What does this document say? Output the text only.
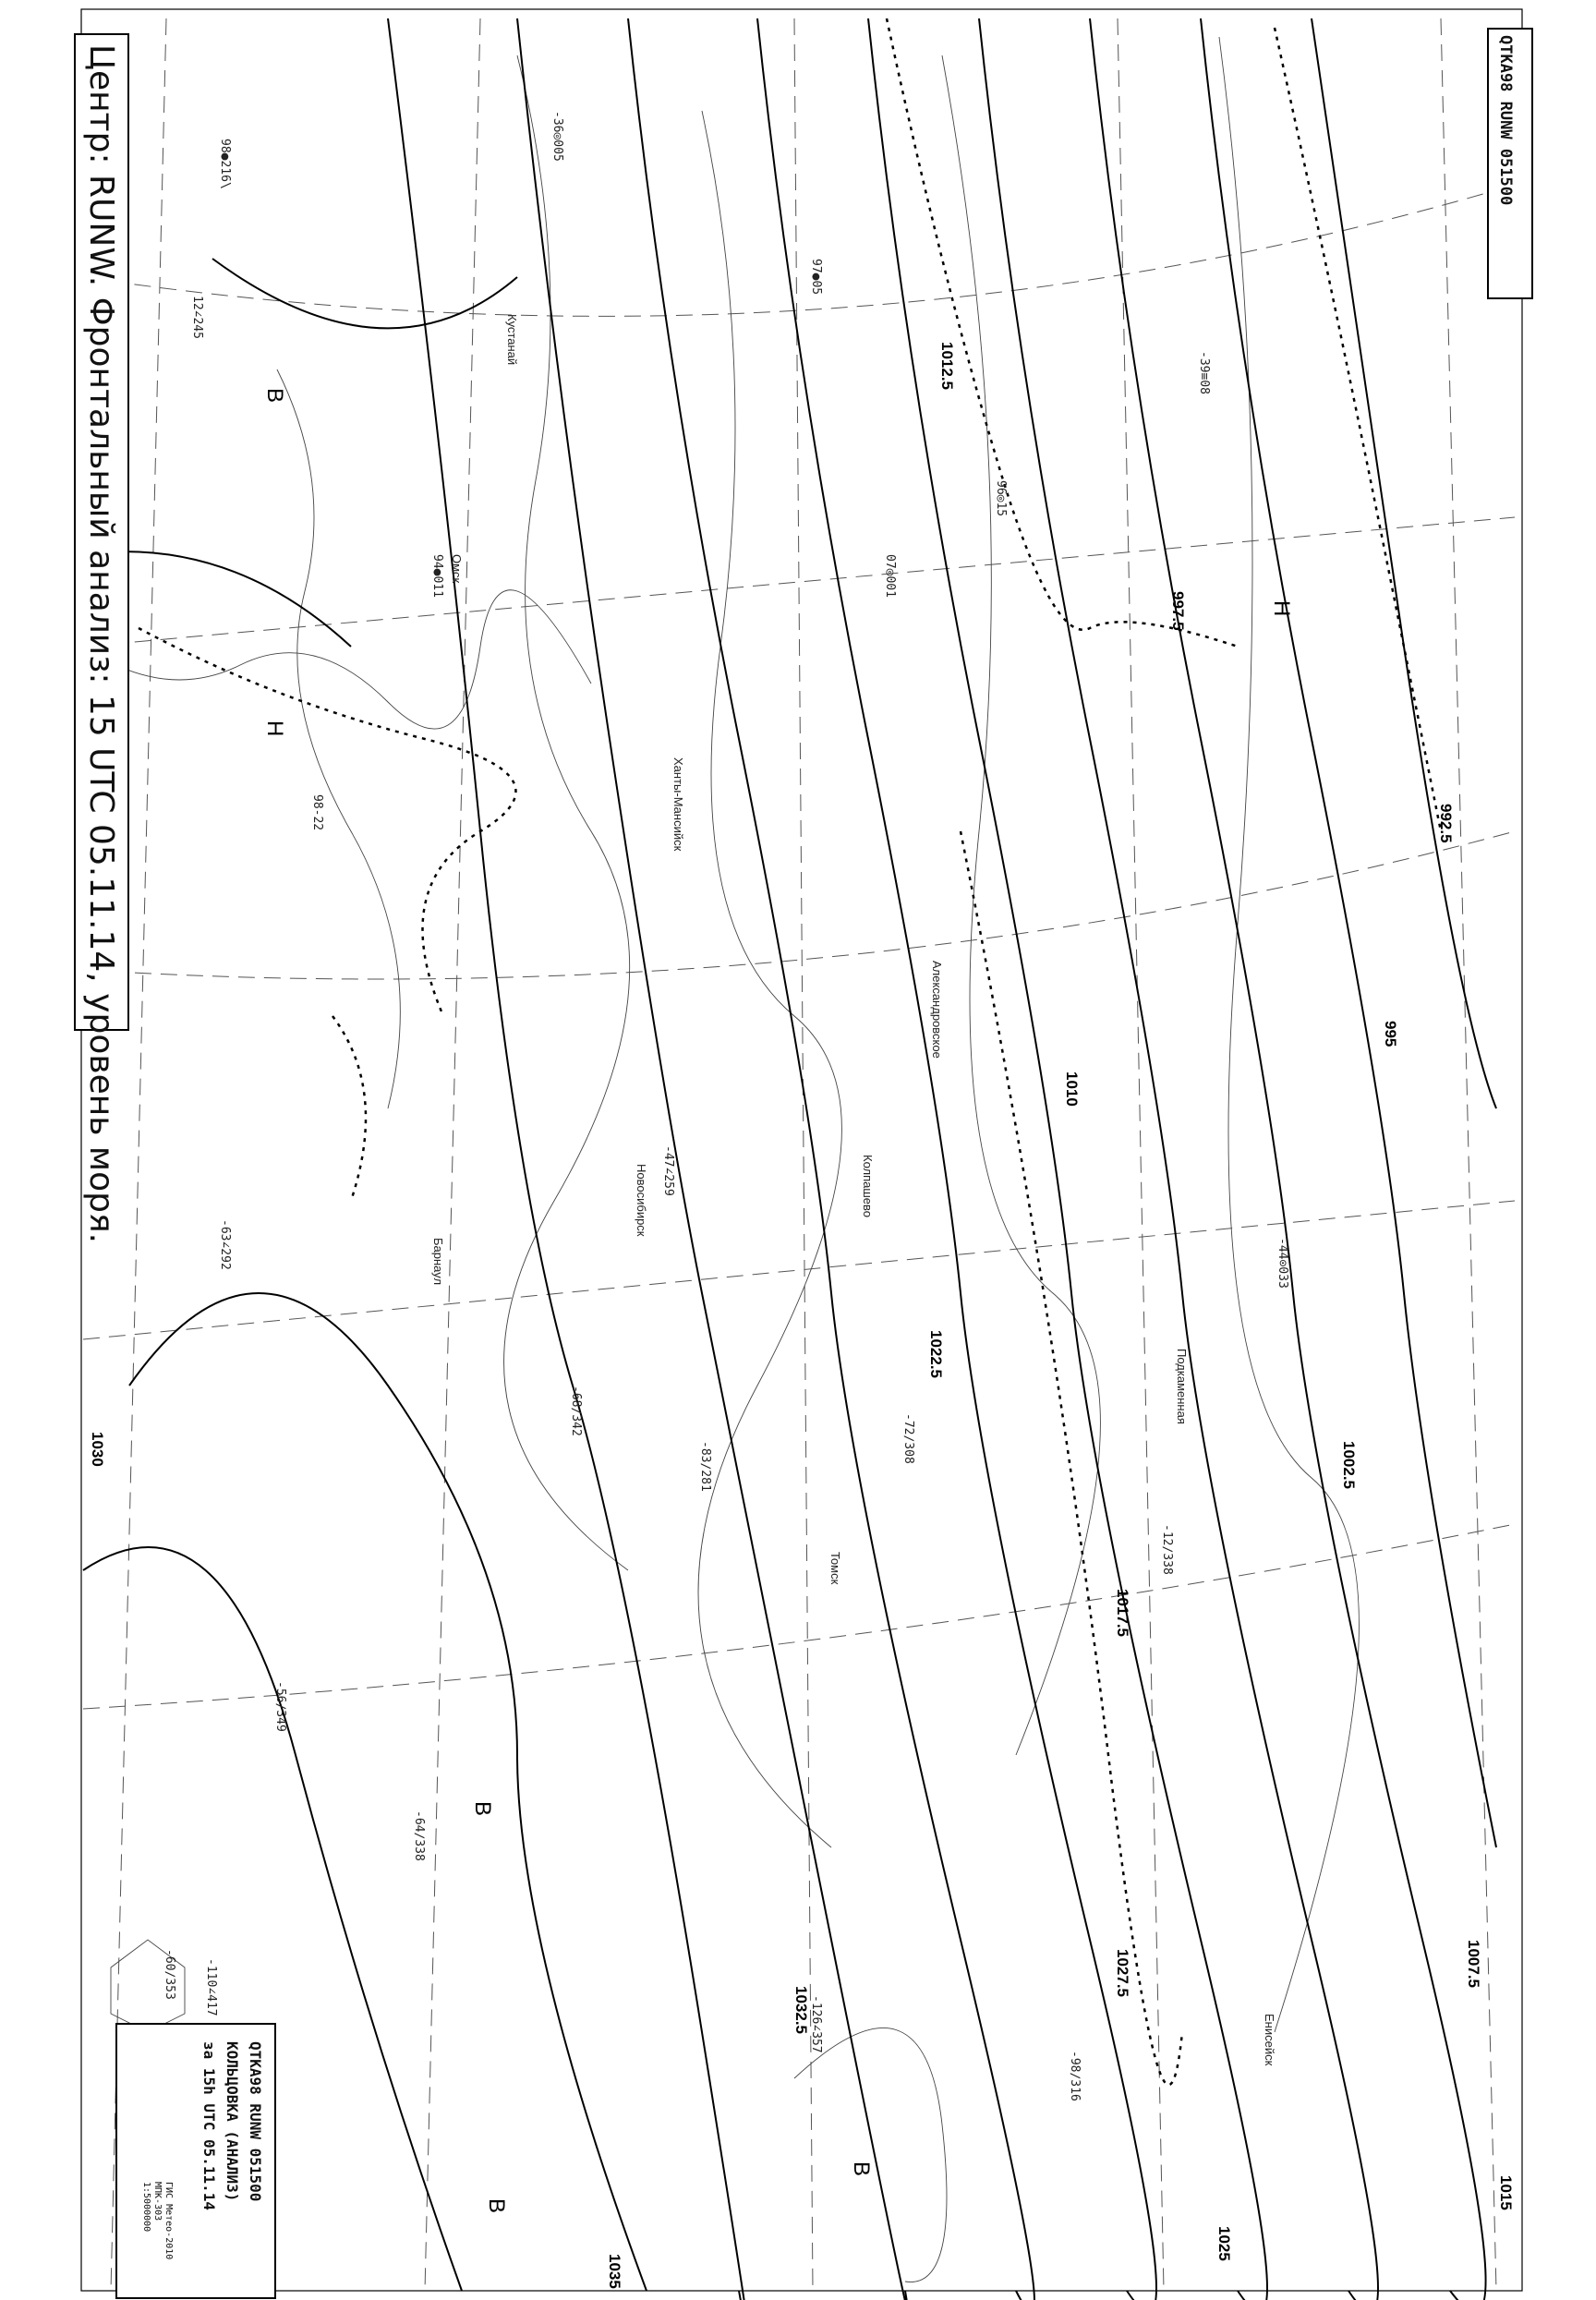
1012.5
997.5
992.5
995
1010
1017.5
1022.5
1002.5
1007.5
1032.5
1027.5
1035
1025
1015
1030
В
Н
Н
В
В
В
Кустанай
Омск
Новосибирск
Барнаул
Александровское
Подкаменная
Енисейск
Томск
Ханты-Мансийск
Колпашево
98●216\
-36◎005
97●05
-47∠259
96◎15
-44⊙033
12∠245
98-22
-68∕342
-98∕316
07◎001
-72∕308
-12∕338
94●011
-39≡08
-63∠292
-126∠357
-110∠417
-56∕349
-64∕338
-83∕281
-60∕353
Центр: RUNW. Фронтальный анализ: 15 UTC 05.11.14, уровень моря.	QTKA98 RUNW 051500
QTKA98 RUNW 051500
КОЛЬЦОВКА (АНАЛИЗ)
за 15h UTC 05.11.14
ГИС Метео-2010
МПК-303
1:5000000
